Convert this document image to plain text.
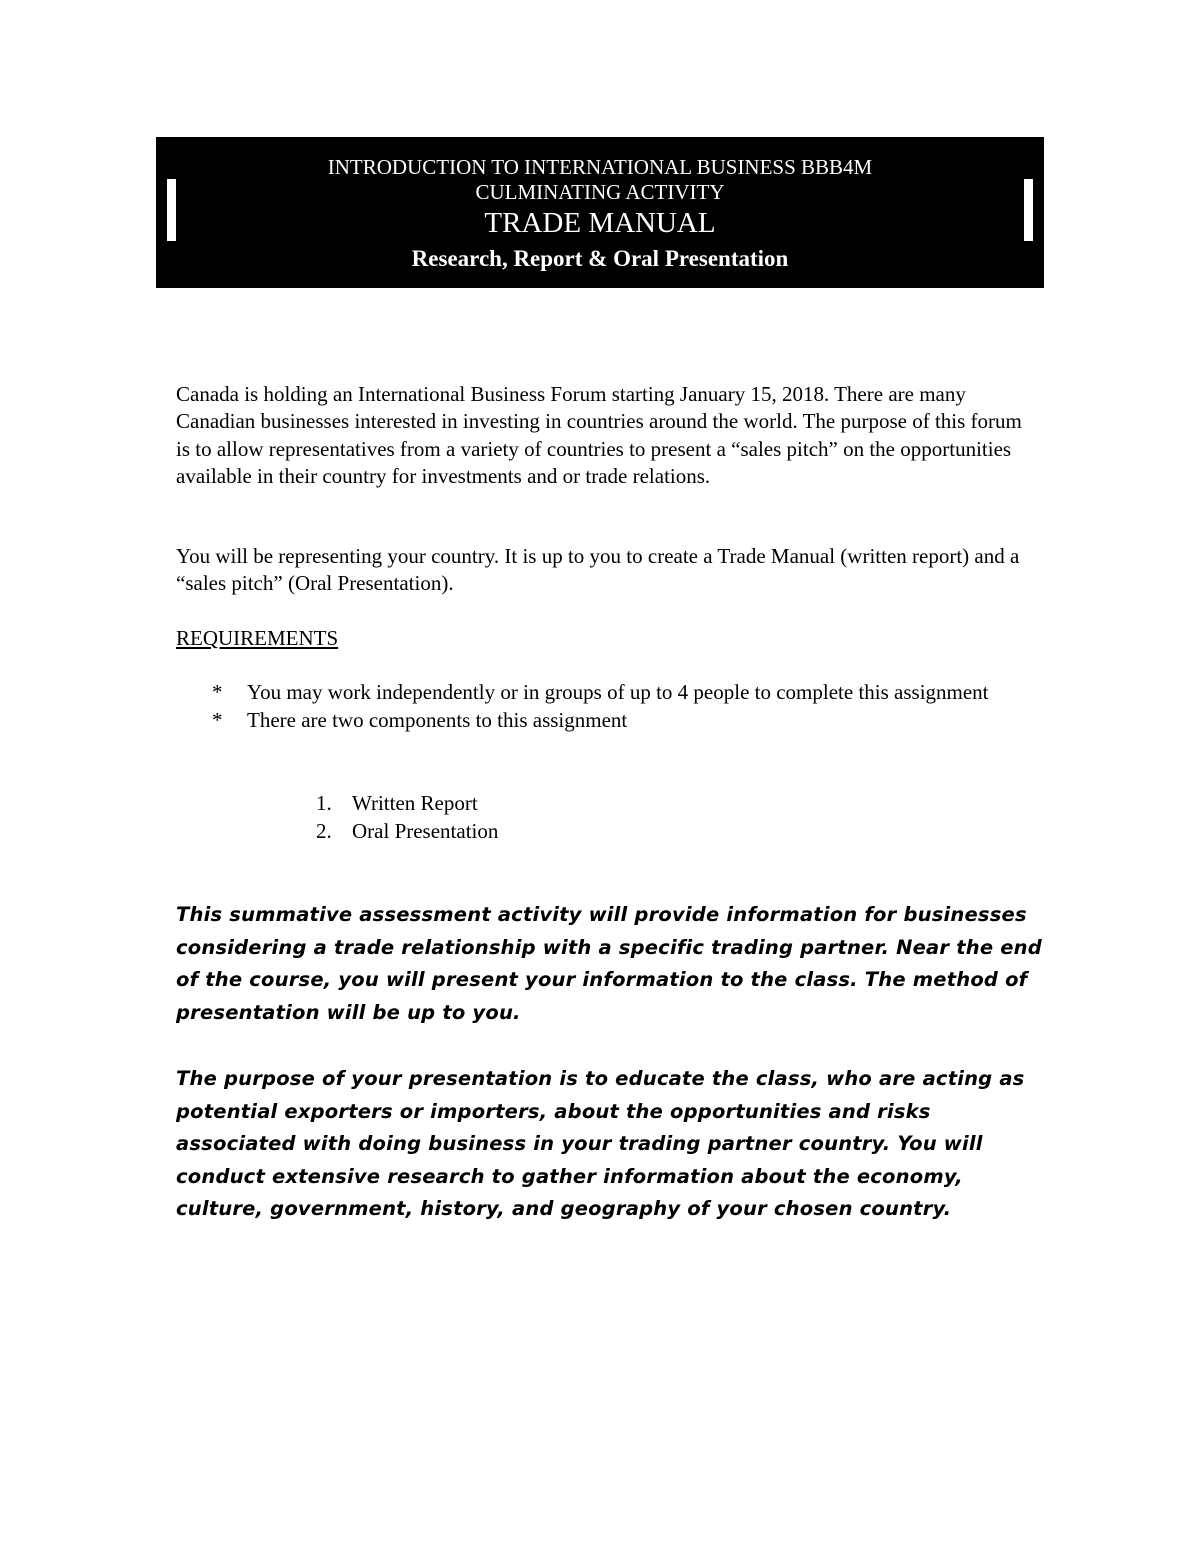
INTRODUCTION TO INTERNATIONAL BUSINESS BBB4M
CULMINATING ACTIVITY
TRADE MANUAL
Research, Report & Oral Presentation
Canada is holding an International Business Forum starting January 15, 2018. There are many Canadian businesses interested in investing in countries around the world. The purpose of this forum is to allow representatives from a variety of countries to present a “sales pitch” on the opportunities available in their country for investments and or trade relations.
You will be representing your country. It is up to you to create a Trade Manual (written report) and a “sales pitch” (Oral Presentation).
REQUIREMENTS
* You may work independently or in groups of up to 4 people to complete this assignment
* There are two components to this assignment
1. Written Report
2. Oral Presentation
This summative assessment activity will provide information for businesses considering a trade relationship with a specific trading partner. Near the end of the course, you will present your information to the class. The method of presentation will be up to you.
The purpose of your presentation is to educate the class, who are acting as potential exporters or importers, about the opportunities and risks associated with doing business in your trading partner country. You will conduct extensive research to gather information about the economy, culture, government, history, and geography of your chosen country.
